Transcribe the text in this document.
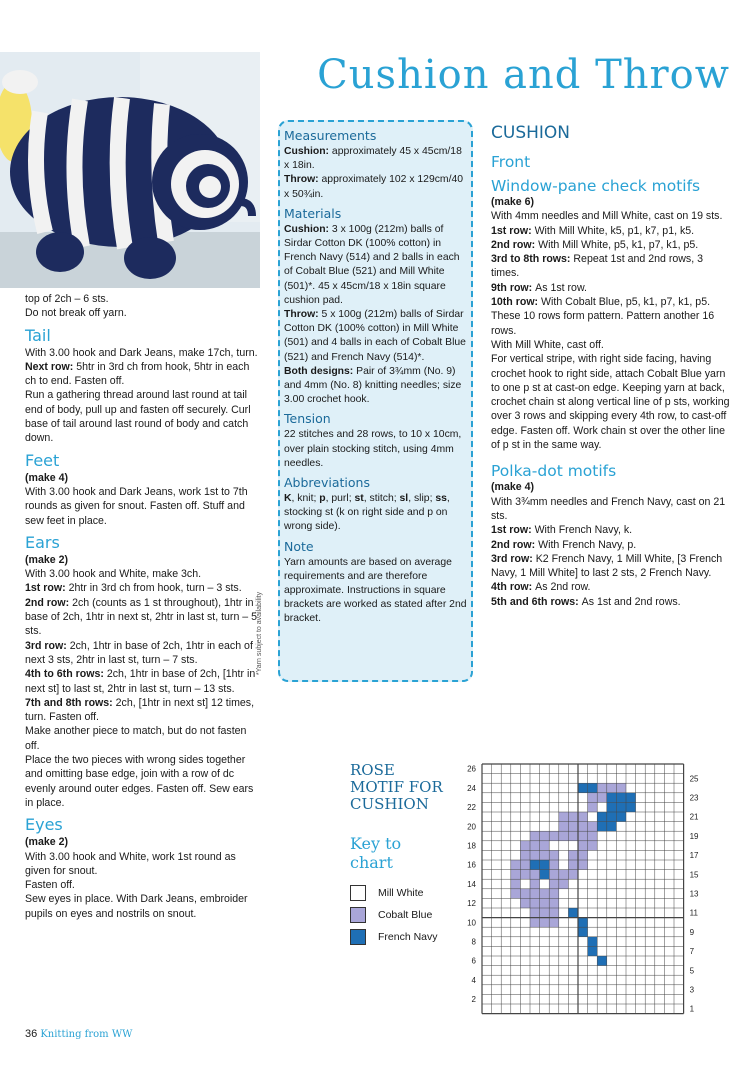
Cushion and Throw

top of 2ch – 6 sts.

Do not break off yarn.

Tail

With 3.00 hook and Dark Jeans, make 17ch, turn.

Next row: 5htr in 3rd ch from hook, 5htr in each ch to end. Fasten off.

Run a gathering thread around last round at tail end of body, pull up and fasten off securely. Curl base of tail around last round of body and catch down.

Feet

(make 4)

With 3.00 hook and Dark Jeans, work 1st to 7th rounds as given for snout. Fasten off. Stuff and sew feet in place.

Ears

(make 2)

With 3.00 hook and White, make 3ch.

1st row: 2htr in 3rd ch from hook, turn – 3 sts.

2nd row: 2ch (counts as 1 st throughout), 1htr in base of 2ch, 1htr in next st, 2htr in last st, turn – 5 sts.

3rd row: 2ch, 1htr in base of 2ch, 1htr in each of next 3 sts, 2htr in last st, turn – 7 sts.

4th to 6th rows: 2ch, 1htr in base of 2ch, [1htr in next st] to last st, 2htr in last st, turn – 13 sts.

7th and 8th rows: 2ch, [1htr in next st] 12 times, turn. Fasten off.

Make another piece to match, but do not fasten off.

Place the two pieces with wrong sides together and omitting base edge, join with a row of dc evenly around outer edges. Fasten off. Sew ears in place.

Eyes

(make 2)

With 3.00 hook and White, work 1st round as given for snout.

Fasten off.

Sew eyes in place. With Dark Jeans, embroider pupils on eyes and nostrils on snout.

Measurements

Cushion: approximately 45 x 45cm/18 x 18in.

Throw: approximately 102 x 129cm/40 x 50¾in.

Materials

Cushion: 3 x 100g (212m) balls of Sirdar Cotton DK (100% cotton) in French Navy (514) and 2 balls in each of Cobalt Blue (521) and Mill White (501)*. 45 x 45cm/18 x 18in square cushion pad.

Throw: 5 x 100g (212m) balls of Sirdar Cotton DK (100% cotton) in Mill White (501) and 4 balls in each of Cobalt Blue (521) and French Navy (514)*.

Both designs: Pair of 3¾mm (No. 9) and 4mm (No. 8) knitting needles; size 3.00 crochet hook.

Tension

22 stitches and 28 rows, to 10 x 10cm, over plain stocking stitch, using 4mm needles.

Abbreviations

K, knit; p, purl; st, stitch; sl, slip; ss, stocking st (k on right side and p on wrong side).

Note

Yarn amounts are based on average requirements and are therefore approximate. Instructions in square brackets are worked as stated after 2nd bracket.

*Yarn subject to availability

CUSHION

Front

Window-pane check motifs

(make 6)

With 4mm needles and Mill White, cast on 19 sts.

1st row: With Mill White, k5, p1, k7, p1, k5.

2nd row: With Mill White, p5, k1, p7, k1, p5.

3rd to 8th rows: Repeat 1st and 2nd rows, 3 times.

9th row: As 1st row.

10th row: With Cobalt Blue, p5, k1, p7, k1, p5.

These 10 rows form pattern. Pattern another 16 rows.

With Mill White, cast off.

For vertical stripe, with right side facing, having crochet hook to right side, attach Cobalt Blue yarn to one p st at cast-on edge. Keeping yarn at back, crochet chain st along vertical line of p sts, working over 3 rows and skipping every 4th row, to cast-off edge. Fasten off. Work chain st over the other line of p st in the same way.

Polka-dot motifs

(make 4)

With 3¾mm needles and French Navy, cast on 21 sts.

1st row: With French Navy, k.

2nd row: With French Navy, p.

3rd row: K2 French Navy, 1 Mill White, [3 French Navy, 1 Mill White] to last 2 sts, 2 French Navy.

4th row: As 2nd row.

5th and 6th rows: As 1st and 2nd rows.

ROSE
MOTIF FOR
CUSHION
Key to
chart
Mill White
Cobalt Blue
French Navy
26
24
22
20
18
16
14
12
10
8
6
4
2
25
23
21
19
17
15
13
11
9
7
5
3
1
36 Knitting from WW
